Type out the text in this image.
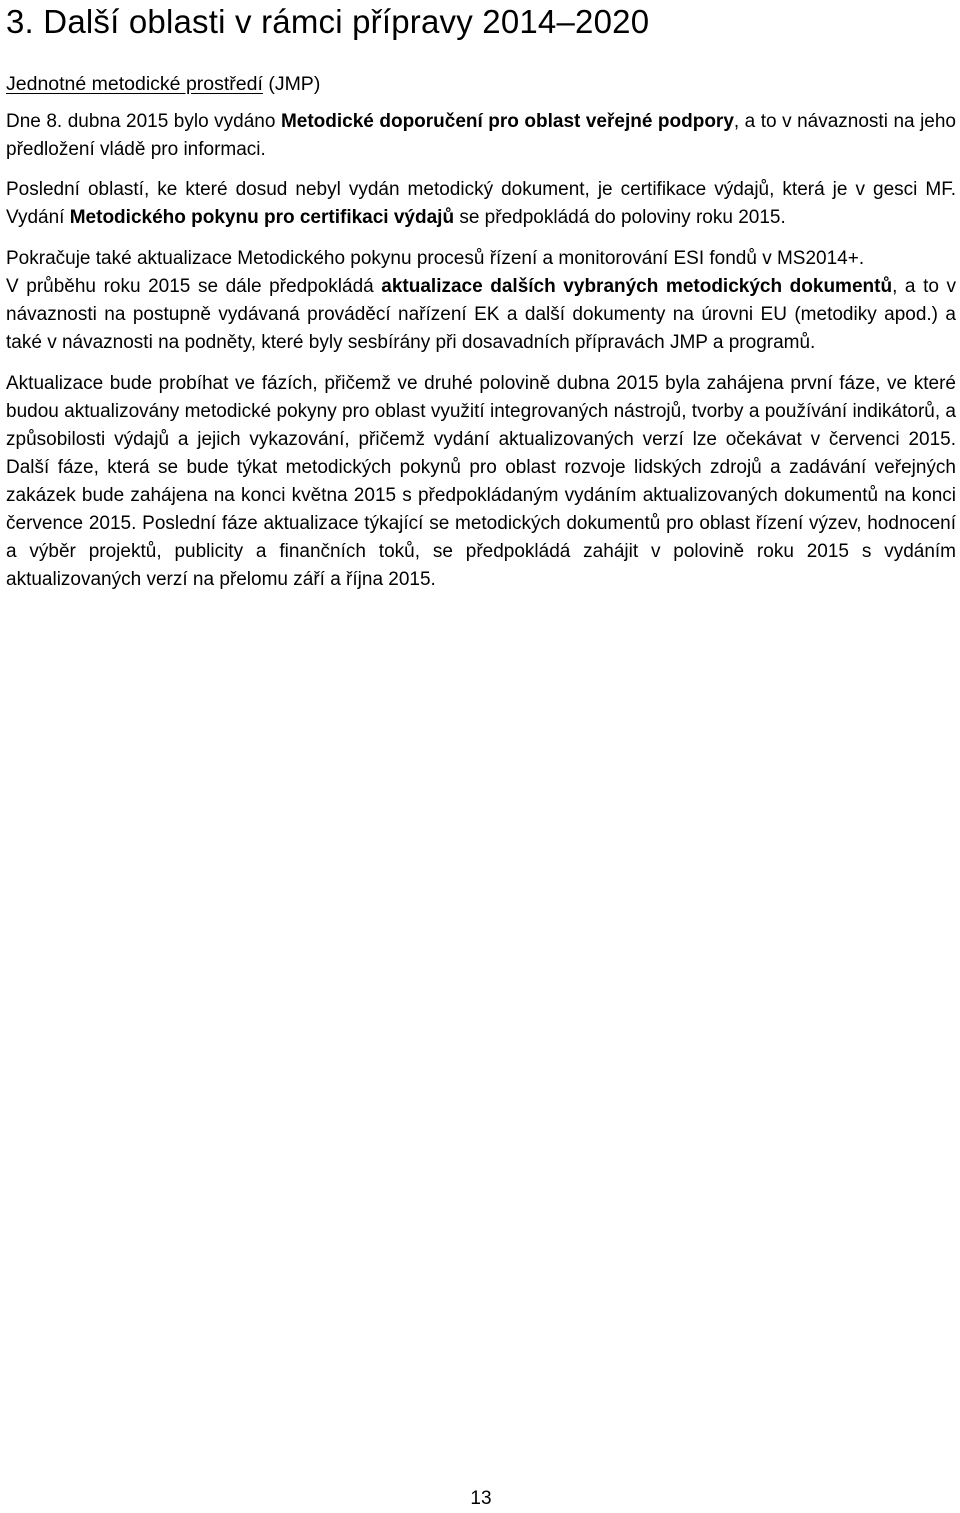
3. Další oblasti v rámci přípravy 2014–2020
Jednotné metodické prostředí (JMP)

Dne 8. dubna 2015 bylo vydáno Metodické doporučení pro oblast veřejné podpory, a to v návaznosti na jeho předložení vládě pro informaci.

Poslední oblastí, ke které dosud nebyl vydán metodický dokument, je certifikace výdajů, která je v gesci MF. Vydání Metodického pokynu pro certifikaci výdajů se předpokládá do poloviny roku 2015.

Pokračuje také aktualizace Metodického pokynu procesů řízení a monitorování ESI fondů v MS2014+.

V průběhu roku 2015 se dále předpokládá aktualizace dalších vybraných metodických dokumentů, a to v návaznosti na postupně vydávaná prováděcí nařízení EK a další dokumenty na úrovni EU (metodiky apod.) a také v návaznosti na podněty, které byly sesbírány při dosavadních přípravách JMP a programů.

Aktualizace bude probíhat ve fázích, přičemž ve druhé polovině dubna 2015 byla zahájena první fáze, ve které budou aktualizovány metodické pokyny pro oblast využití integrovaných nástrojů, tvorby a používání indikátorů, a způsobilosti výdajů a jejich vykazování, přičemž vydání aktualizovaných verzí lze očekávat v červenci 2015. Další fáze, která se bude týkat metodických pokynů pro oblast rozvoje lidských zdrojů a zadávání veřejných zakázek bude zahájena na konci května 2015 s předpokládaným vydáním aktualizovaných dokumentů na konci července 2015. Poslední fáze aktualizace týkající se metodických dokumentů pro oblast řízení výzev, hodnocení a výběr projektů, publicity a finančních toků, se předpokládá zahájit v polovině roku 2015 s vydáním aktualizovaných verzí na přelomu září a října 2015.

13
